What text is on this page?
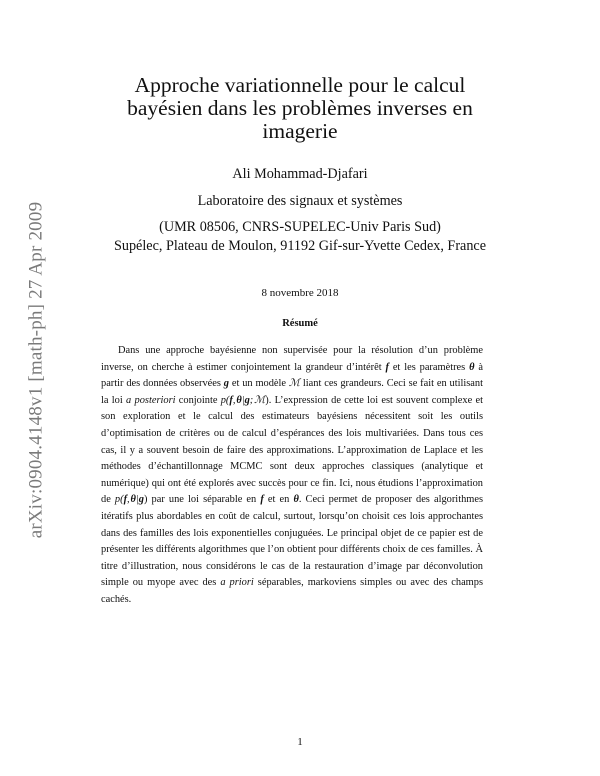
arXiv:0904.4148v1 [math-ph] 27 Apr 2009
Approche variationnelle pour le calcul bayésien dans les problèmes inverses en imagerie
Ali Mohammad-Djafari
Laboratoire des signaux et systèmes
(UMR 08506, CNRS-SUPELEC-Univ Paris Sud)
Supélec, Plateau de Moulon, 91192 Gif-sur-Yvette Cedex, France
8 novembre 2018
Résumé

Dans une approche bayésienne non supervisée pour la résolution d’un problème inverse, on cherche à estimer conjointement la grandeur d’intérêt f et les paramètres θ à partir des données observées g et un modèle ℳ liant ces grandeurs. Ceci se fait en utilisant la loi a posteriori conjointe p(f, θ|g; ℳ). L’expression de cette loi est souvent complexe et son exploration et le calcul des estimateurs bayésiens nécessitent soit les outils d’optimisation de critères ou de calcul d’espérances des lois multivariées. Dans tous ces cas, il y a souvent besoin de faire des approximations. L’approximation de Laplace et les méthodes d’échantillonnage MCMC sont deux approches classiques (analytique et numérique) qui ont été explorés avec succès pour ce fin. Ici, nous étudions l’approximation de p(f, θ|g) par une loi séparable en f et en θ. Ceci permet de proposer des algorithmes itératifs plus abordables en coût de calcul, surtout, lorsqu’on choisit ces lois approchantes dans des familles des lois exponentielles conjuguées. Le principal objet de ce papier est de présenter les différents algorithmes que l’on obtient pour différents choix de ces familles. À titre d’illustration, nous considérons le cas de la restauration d’image par déconvolution simple ou myope avec des a priori séparables, markoviens simples ou avec des champs cachés.

1
